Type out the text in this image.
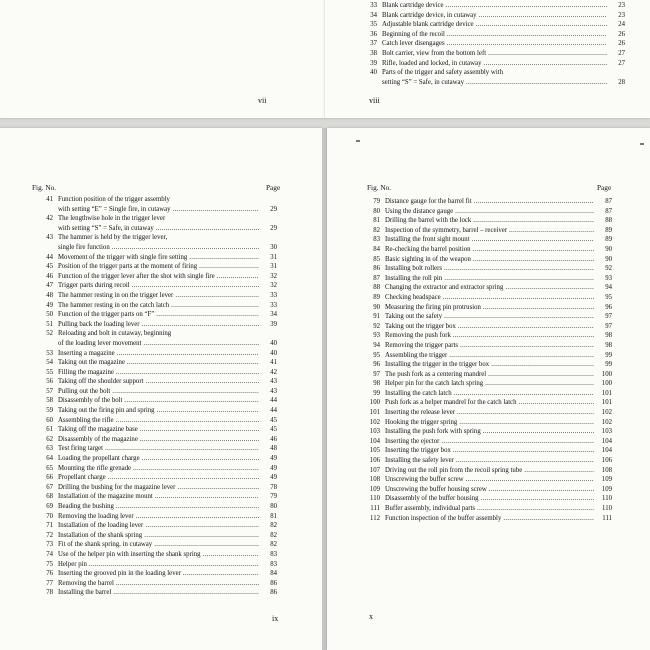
vii
33 Blank cartridge device .....	23
34 Blank cartridge device, in cutaway .....	23
35 Adjustable blank cartridge device .....	24
36 Beginning of the recoil .....	26
37 Catch lever disengages .....	26
38 Bolt carrier, view from the bottom left .....	27
39 Rifle, loaded and locked, in cutaway .....	27
40 Parts of the trigger and safety assembly with
setting “S” = Safe, in cutaway .....	28
viii
Fig. No.	Page
41 Function position of the trigger assembly
with setting “E” = Single fire, in cutaway .....	29
42 The lengthwise hole in the trigger lever
with setting “S” = Safe, in cutaway .....	29
43 The hammer is held by the trigger lever,
single fire function .....	30
44 Movement of the trigger with single fire setting .....	31
45 Position of the trigger parts at the moment of firing .....	31
46 Function of the trigger lever after the shot with single fire .....	32
47 Trigger parts during recoil .....	32
48 The hammer resting in on the trigger lever .....	33
49 The hammer resting in on the catch latch .....	33
50 Function of the trigger parts on “F” .....	34
51 Pulling back the loading lever .....	39
52 Reloading and bolt in cutaway, beginning
of the loading lever movement .....	40
53 Inserting a magazine .....	40
54 Taking out the magazine .....	41
55 Filling the magazine .....	42
56 Taking off the shoulder support .....	43
57 Pulling out the bolt .....	43
58 Disassembly of the bolt .....	44
59 Taking out the firing pin and spring .....	44
60 Assembling the rifle .....	45
61 Taking off the magazine base .....	45
62 Disassembly of the magazine .....	46
63 Test firing target .....	48
64 Loading the propellant charge .....	49
65 Mounting the rifle grenade .....	49
66 Propellant charge .....	49
67 Drilling the bushing for the magazine lever .....	78
68 Installation of the magazine mount .....	79
69 Beading the bushing .....	80
70 Removing the loading lever .....	81
71 Installation of the loading lever .....	82
72 Installation of the shank spring .....	82
73 Fit of the shank spring, in cutaway .....	82
74 Use of the helper pin with inserting the shank spring .....	83
75 Helper pin .....	83
76 Inserting the grooved pin in the loading lever .....	84
77 Removing the barrel .....	86
78 Installing the barrel .....	86
ix
Fig. No.	Page
79 Distance gauge for the barrel fit .....	87
80 Using the distance gauge .....	87
81 Drilling the barrel with the lock .....	88
82 Inspection of the symmetry, barrel – receiver .....	89
83 Installing the front sight mount .....	89
84 Re-checking the barrel position .....	90
85 Basic sighting in of the weapon .....	90
86 Installing bolt rollers .....	92
87 Installing the roll pin .....	93
88 Changing the extractor and extractor spring .....	94
89 Checking headspace .....	95
90 Measuring the firing pin protrusion .....	96
91 Taking out the safety .....	97
92 Taking out the trigger box .....	97
93 Removing the push fork .....	98
94 Removing the trigger parts .....	98
95 Assembling the trigger .....	99
96 Installing the trigger in the trigger box .....	99
97 The push fork as a centering mandrel .....	100
98 Helper pin for the catch latch spring .....	100
99 Installing the catch latch .....	101
100 Push fork as a helper mandrel for the catch latch .....	101
101 Inserting the release lever .....	102
102 Hooking the trigger spring .....	102
103 Installing the push fork with spring .....	103
104 Inserting the ejector .....	104
105 Inserting the trigger box .....	104
106 Installing the safety lever .....	106
107 Driving out the roll pin from the recoil spring tube .....	108
108 Unscrewing the buffer screw .....	109
109 Unscrewing the buffer housing screw .....	109
110 Disassembly of the buffer housing .....	110
111 Buffer assembly, individual parts .....	110
112 Function inspection of the buffer assembly .....	111
x
